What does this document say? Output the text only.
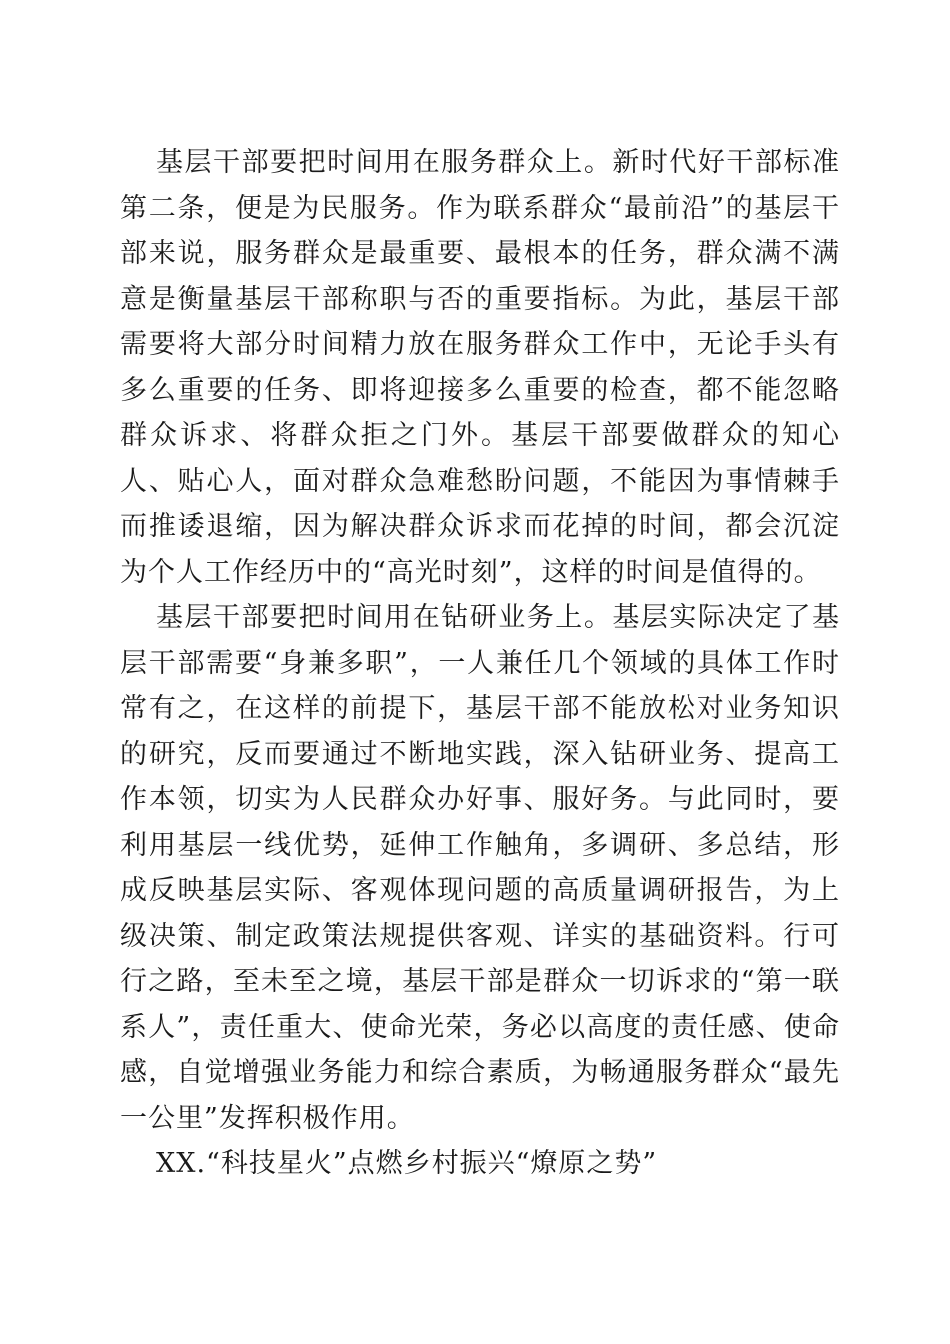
基层干部要把时间用在服务群众上。新时代好干部标准第二条，便是为民服务。作为联系群众“最前沿”的基层干部来说，服务群众是最重要、最根本的任务，群众满不满意是衡量基层干部称职与否的重要指标。为此，基层干部需要将大部分时间精力放在服务群众工作中，无论手头有多么重要的任务、即将迎接多么重要的检查，都不能忽略群众诉求、将群众拒之门外。基层干部要做群众的知心人、贴心人，面对群众急难愁盼问题，不能因为事情棘手而推诿退缩，因为解决群众诉求而花掉的时间，都会沉淀为个人工作经历中的“高光时刻”，这样的时间是值得的。

基层干部要把时间用在钻研业务上。基层实际决定了基层干部需要“身兼多职”，一人兼任几个领域的具体工作时常有之，在这样的前提下，基层干部不能放松对业务知识的研究，反而要通过不断地实践，深入钻研业务、提高工作本领，切实为人民群众办好事、服好务。与此同时，要利用基层一线优势，延伸工作触角，多调研、多总结，形成反映基层实际、客观体现问题的高质量调研报告，为上级决策、制定政策法规提供客观、详实的基础资料。行可行之路，至未至之境，基层干部是群众一切诉求的“第一联系人”，责任重大、使命光荣，务必以高度的责任感、使命感，自觉增强业务能力和综合素质，为畅通服务群众“最先一公里”发挥积极作用。

XX.“科技星火”点燃乡村振兴“燎原之势”
